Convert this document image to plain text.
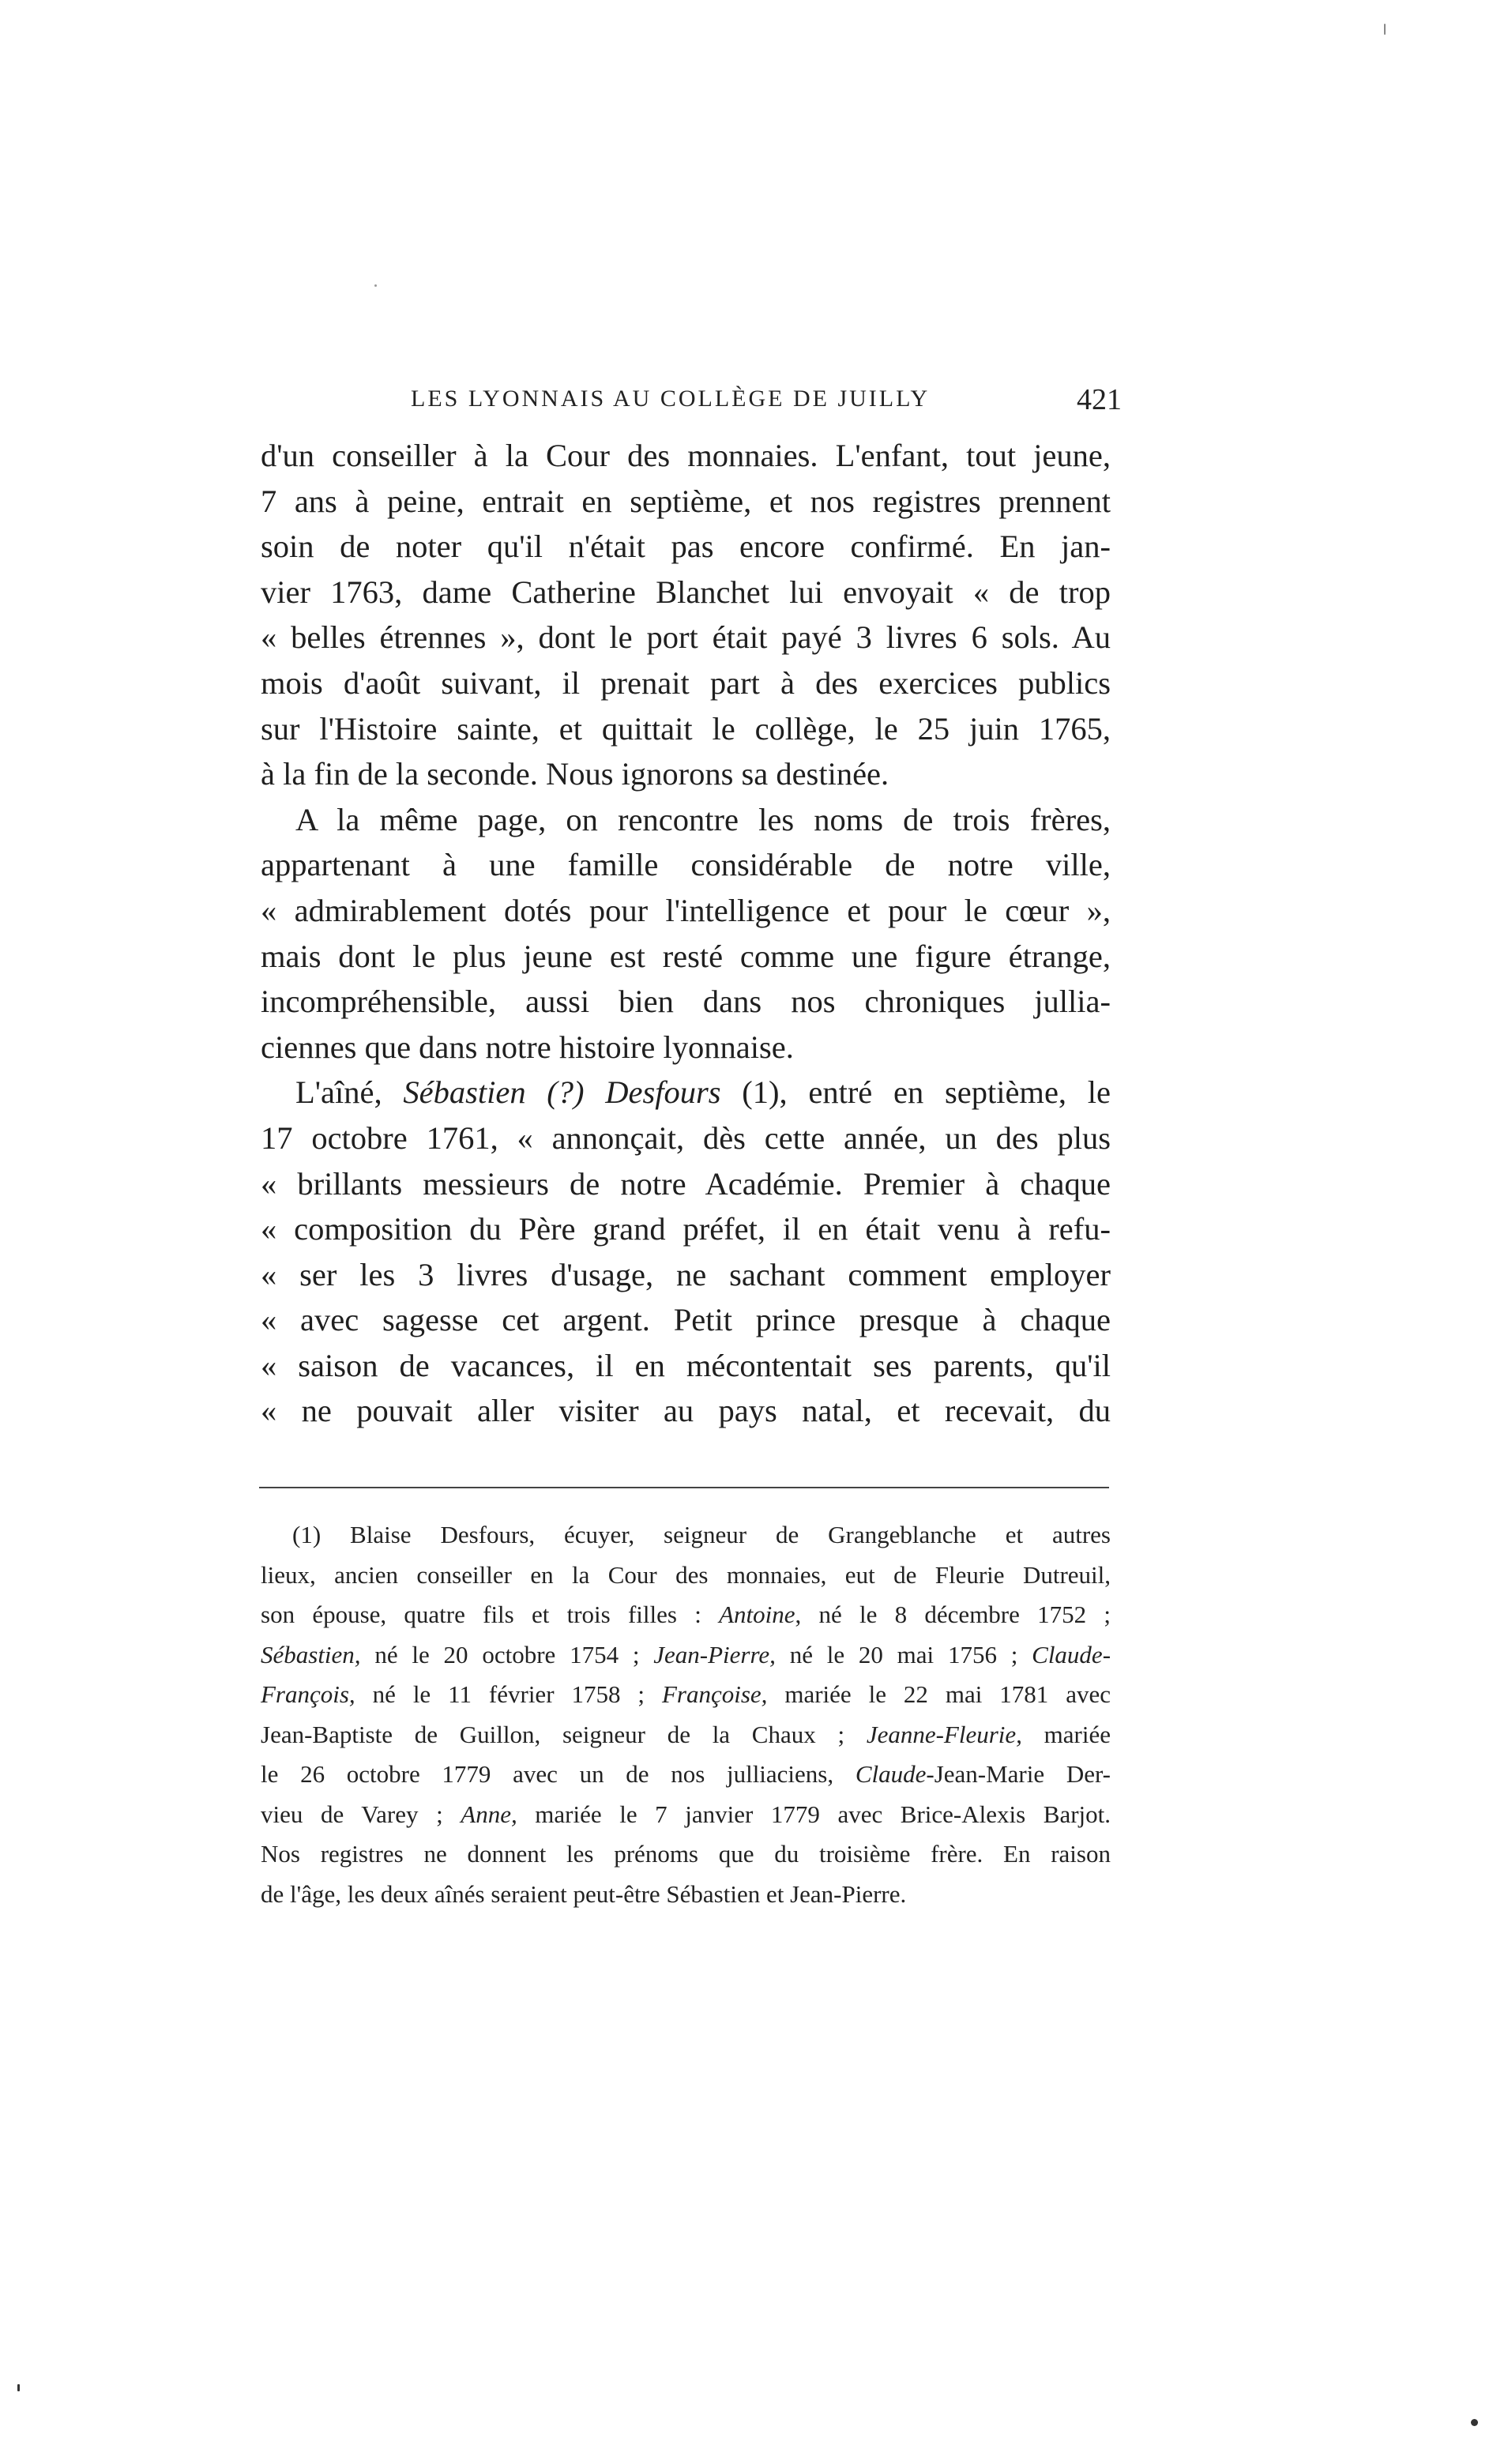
LES LYONNAIS AU COLLÈGE DE JUILLY	421
d'un conseiller à la Cour des monnaies. L'enfant, tout jeune,
7 ans à peine, entrait en septième, et nos registres prennent
soin de noter qu'il n'était pas encore confirmé. En jan-
vier 1763, dame Catherine Blanchet lui envoyait « de trop
« belles étrennes », dont le port était payé 3 livres 6 sols. Au
mois d'août suivant, il prenait part à des exercices publics
sur l'Histoire sainte, et quittait le collège, le 25 juin 1765,
à la fin de la seconde. Nous ignorons sa destinée.
A la même page, on rencontre les noms de trois frères,
appartenant à une famille considérable de notre ville,
« admirablement dotés pour l'intelligence et pour le cœur »,
mais dont le plus jeune est resté comme une figure étrange,
incompréhensible, aussi bien dans nos chroniques jullia-
ciennes que dans notre histoire lyonnaise.
L'aîné, Sébastien (?) Desfours (1), entré en septième, le
17 octobre 1761, « annonçait, dès cette année, un des plus
« brillants messieurs de notre Académie. Premier à chaque
« composition du Père grand préfet, il en était venu à refu-
« ser les 3 livres d'usage, ne sachant comment employer
« avec sagesse cet argent. Petit prince presque à chaque
« saison de vacances, il en mécontentait ses parents, qu'il
« ne pouvait aller visiter au pays natal, et recevait, du
(1) Blaise Desfours, écuyer, seigneur de Grangeblanche et autres
lieux, ancien conseiller en la Cour des monnaies, eut de Fleurie Dutreuil,
son épouse, quatre fils et trois filles : Antoine, né le 8 décembre 1752 ;
Sébastien, né le 20 octobre 1754 ; Jean-Pierre, né le 20 mai 1756 ; Claude-
François, né le 11 février 1758 ; Françoise, mariée le 22 mai 1781 avec
Jean-Baptiste de Guillon, seigneur de la Chaux ; Jeanne-Fleurie, mariée
le 26 octobre 1779 avec un de nos julliaciens, Claude-Jean-Marie Der-
vieu de Varey ; Anne, mariée le 7 janvier 1779 avec Brice-Alexis Barjot.
Nos registres ne donnent les prénoms que du troisième frère. En raison
de l'âge, les deux aînés seraient peut-être Sébastien et Jean-Pierre.
